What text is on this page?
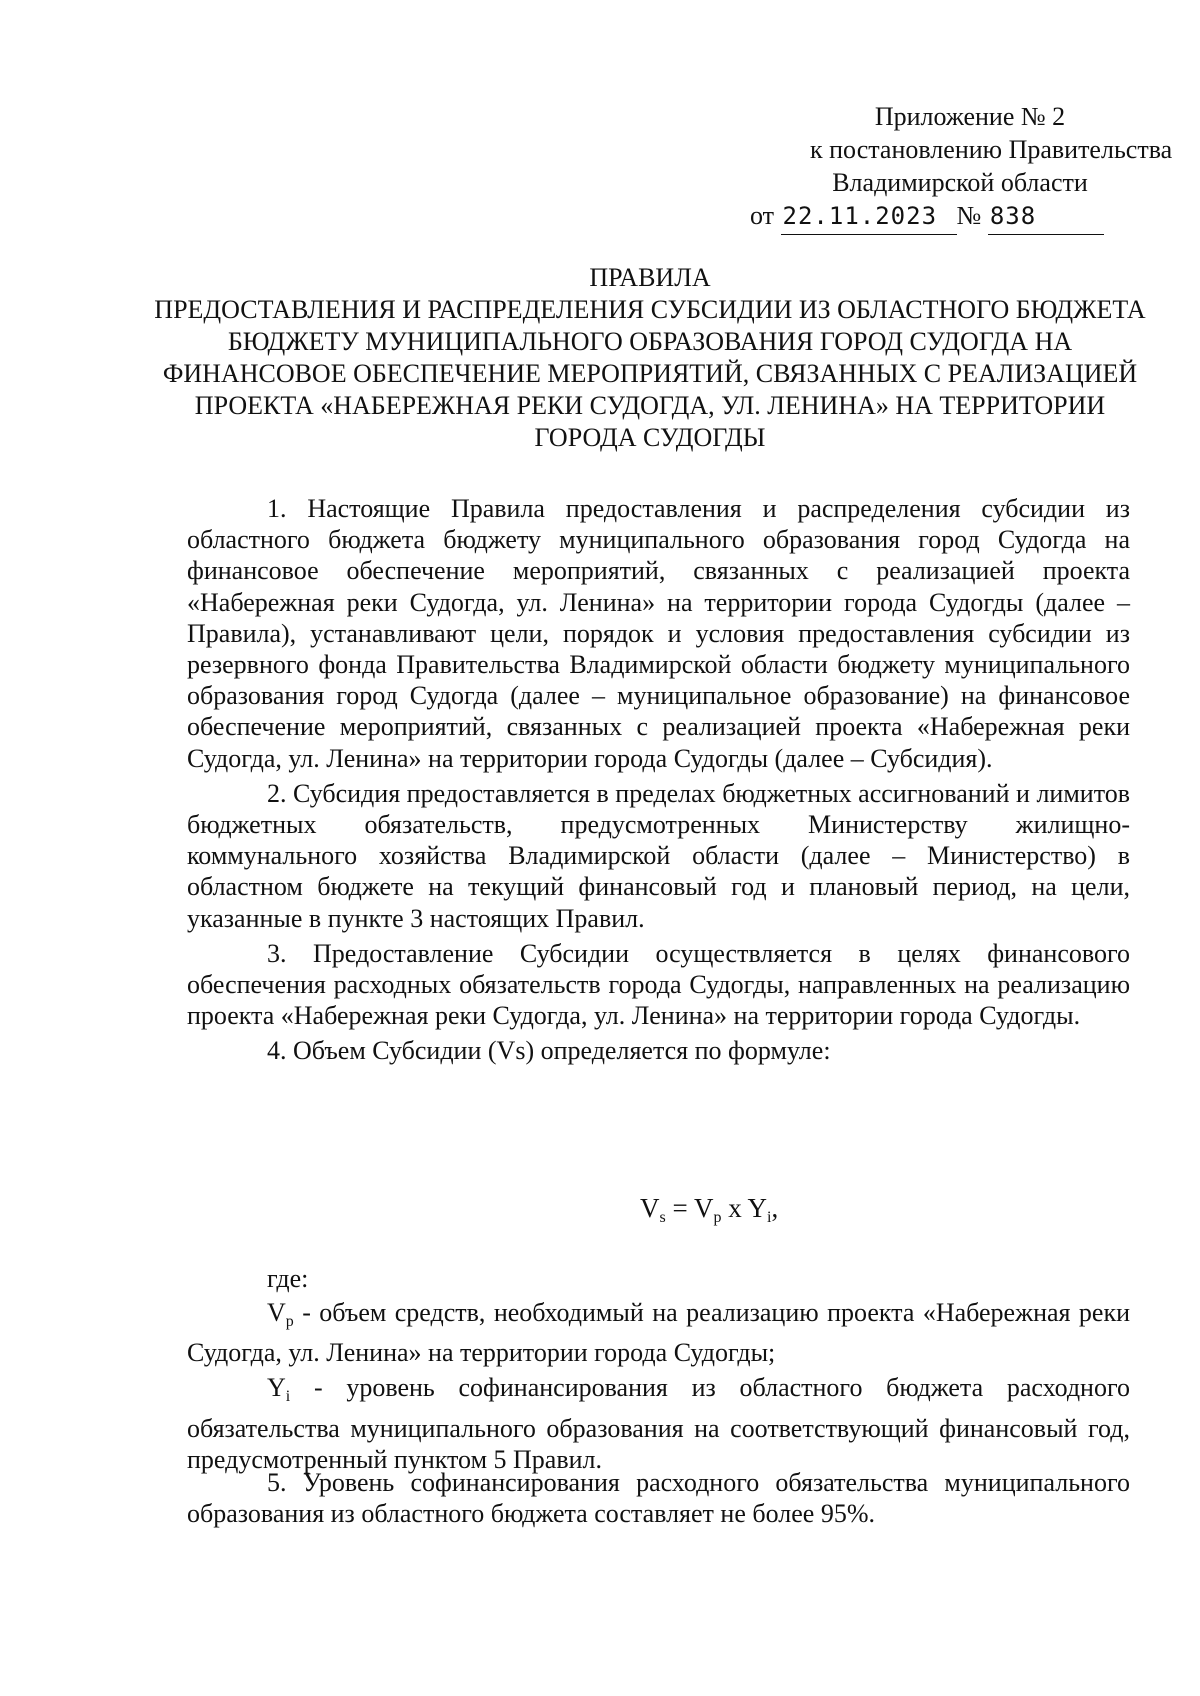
Приложение № 2
к постановлению Правительства
Владимирской области
от 22.11.2023 № 838
ПРАВИЛА
ПРЕДОСТАВЛЕНИЯ И РАСПРЕДЕЛЕНИЯ СУБСИДИИ ИЗ ОБЛАСТНОГО БЮДЖЕТА БЮДЖЕТУ МУНИЦИПАЛЬНОГО ОБРАЗОВАНИЯ ГОРОД СУДОГДА НА ФИНАНСОВОЕ ОБЕСПЕЧЕНИЕ МЕРОПРИЯТИЙ, СВЯЗАННЫХ С РЕАЛИЗАЦИЕЙ ПРОЕКТА «НАБЕРЕЖНАЯ РЕКИ СУДОГДА, УЛ. ЛЕНИНА» НА ТЕРРИТОРИИ ГОРОДА СУДОГДЫ

1. Настоящие Правила предоставления и распределения субсидии из областного бюджета бюджету муниципального образования город Судогда на финансовое обеспечение мероприятий, связанных с реализацией проекта «Набережная реки Судогда, ул. Ленина» на территории города Судогды (далее – Правила), устанавливают цели, порядок и условия предоставления субсидии из резервного фонда Правительства Владимирской области бюджету муниципального образования город Судогда (далее – муниципальное образование) на финансовое обеспечение мероприятий, связанных с реализацией проекта «Набережная реки Судогда, ул. Ленина» на территории города Судогды (далее – Субсидия).

2. Субсидия предоставляется в пределах бюджетных ассигнований и лимитов бюджетных обязательств, предусмотренных Министерству жилищно-коммунального хозяйства Владимирской области (далее – Министерство) в областном бюджете на текущий финансовый год и плановый период, на цели, указанные в пункте 3 настоящих Правил.

3. Предоставление Субсидии осуществляется в целях финансового обеспечения расходных обязательств города Судогды, направленных на реализацию проекта «Набережная реки Судогда, ул. Ленина» на территории города Судогды.

4. Объем Субсидии (Vs) определяется по формуле:

$V_s = V_p$ x $Y_i$,
где:

$V_p$ - объем средств, необходимый на реализацию проекта «Набережная реки Судогда, ул. Ленина» на территории города Судогды;

$Y_i$ - уровень софинансирования из областного бюджета расходного обязательства муниципального образования на соответствующий финансовый год, предусмотренный пунктом 5 Правил.

5. Уровень софинансирования расходного обязательства муниципального образования из областного бюджета составляет не более 95%.
